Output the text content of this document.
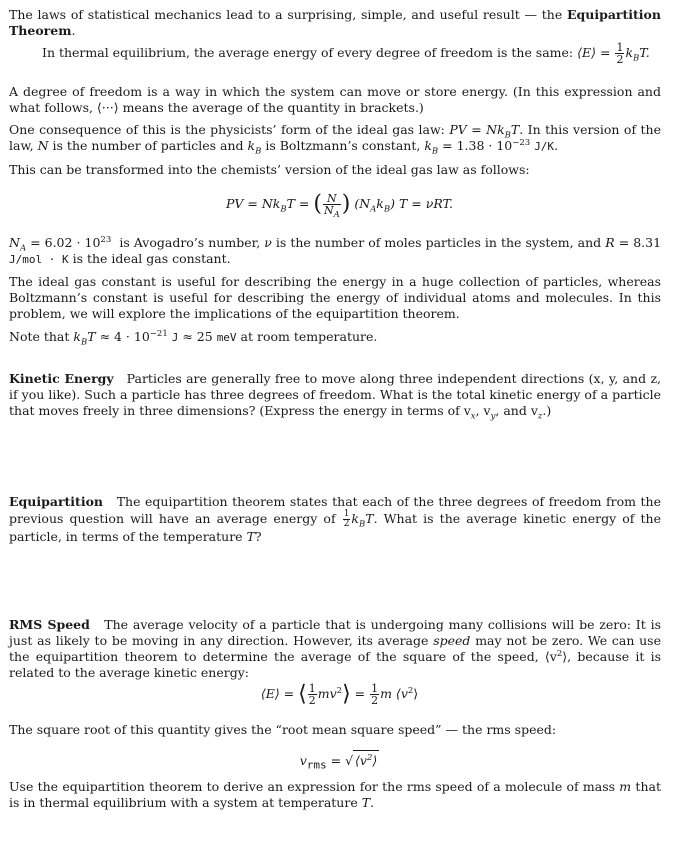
The laws of statistical mechanics lead to a surprising, simple, and useful result — the Equipartition Theorem.

In thermal equilibrium, the average energy of every degree of freedom is the same: ⟨E⟩ = $\frac{1}{2} k_BT$.

A degree of freedom is a way in which the system can move or store energy. (In this expression and what follows, ⟨···⟩ means the average of the quantity in brackets.)

One consequence of this is the physicists’ form of the ideal gas law: PV = $Nk_BT$. In this version of the law, N is the number of particles and $k_B$ is Boltzmann’s constant, $k_B = 1.38 \cdot 10^{-23}$ J/K.

This can be transformed into the chemists’ version of the ideal gas law as follows:

PV = $Nk_BT$ = ( $\frac{N}{N_A}$ ) $(N_Ak_B) T = \nu RT$.

$N_A = 6.02 \cdot 10^{23}$ is Avogadro’s number, ν is the number of moles particles in the system, and R = 8.31 J/mol · K is the ideal gas constant.

The ideal gas constant is useful for describing the energy in a huge collection of particles, whereas Boltzmann’s constant is useful for describing the energy of individual atoms and molecules. In this problem, we will explore the implications of the equipartition theorem.

Note that $k_BT \approx 4 \cdot 10^{-21}$ J ≈ 25 meV at room temperature.

Kinetic Energy Particles are generally free to move along three independent directions (x, y, and z, if you like). Such a particle has three degrees of freedom. What is the total kinetic energy of a particle that moves freely in three dimensions? (Express the energy in terms of $v_x$, $v_y$, and $v_z$.)

Equipartition The equipartition theorem states that each of the three degrees of freedom from the previous question will have an average energy of $\frac{1}{2} k_BT$. What is the average kinetic energy of the particle, in terms of the temperature T?

RMS Speed The average velocity of a particle that is undergoing many collisions will be zero: It is just as likely to be moving in any direction. However, its average speed may not be zero. We can use the equipartition theorem to determine the average of the square of the speed, $⟨v^2⟩$, because it is related to the average kinetic energy:

⟨E⟩ = ⟨ $\frac{1}{2}$ $mv^2⟩ = \frac{1}{2}$ m $⟨v^2⟩$

The square root of this quantity gives the “root mean square speed” — the rms speed:

$v_{rms}$ = √ $⟨v^2⟩$

Use the equipartition theorem to derive an expression for the rms speed of a molecule of mass m that is in thermal equilibrium with a system at temperature T.
